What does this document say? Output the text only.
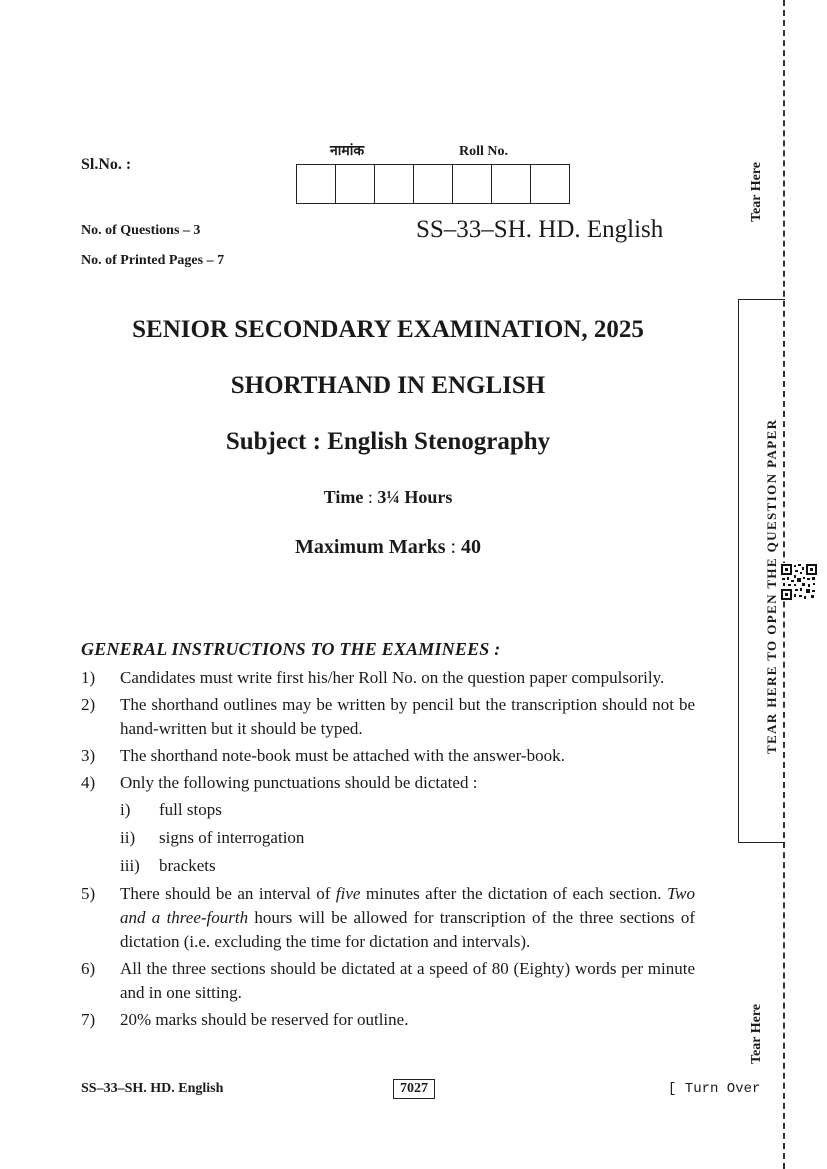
Sl.No. :
नामांक	Roll No.
No. of Questions – 3
No. of Printed Pages – 7
SS–33–SH. HD. English
SENIOR SECONDARY EXAMINATION, 2025
SHORTHAND IN ENGLISH
Subject : English Stenography
Time : 3¼ Hours
Maximum Marks : 40
GENERAL INSTRUCTIONS TO THE EXAMINEES :
1)	Candidates must write first his/her Roll No. on the question paper compulsorily.
2)	The shorthand outlines may be written by pencil but the transcription should not be hand-written but it should be typed.
3)	The shorthand note-book must be attached with the answer-book.
4)	Only the following punctuations should be dictated :
i)	full stops
ii)	signs of interrogation
iii)	brackets
5)	There should be an interval of five minutes after the dictation of each section. Two and a three-fourth hours will be allowed for transcription of the three sections of dictation (i.e. excluding the time for dictation and intervals).
6)	All the three sections should be dictated at a speed of 80 (Eighty) words per minute and in one sitting.
7)	20% marks should be reserved for outline.
SS–33–SH. HD. English	7027	[ Turn Over
Tear Here
TEAR HERE TO OPEN THE QUESTION PAPER
Tear Here
